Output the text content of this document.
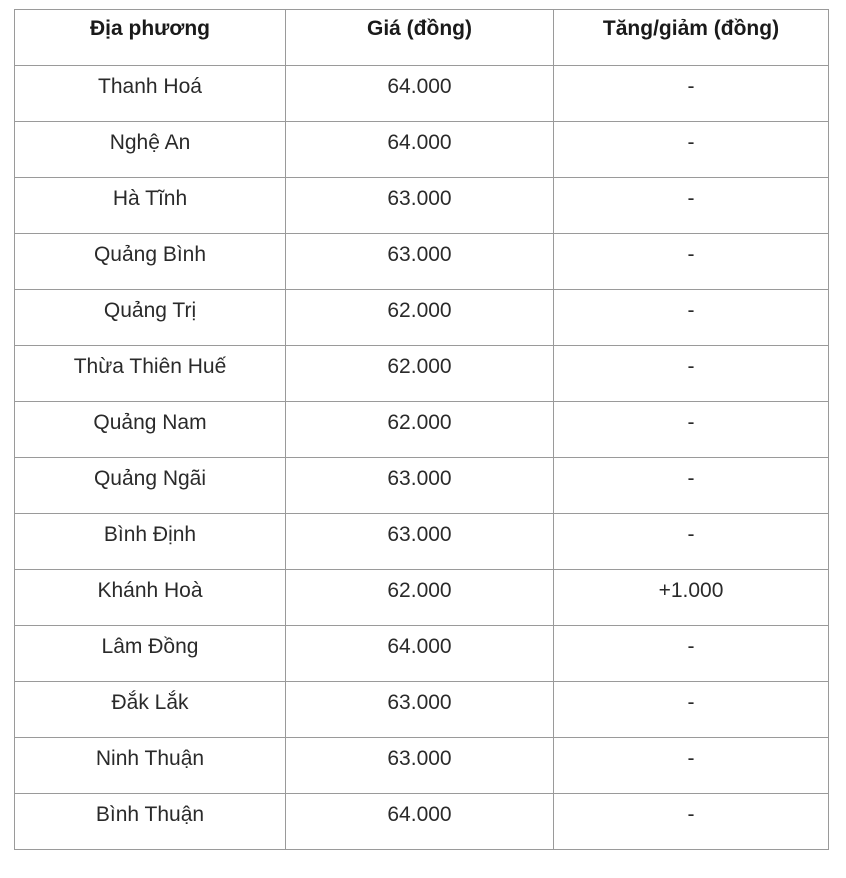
Địa phương	Giá (đồng)	Tăng/giảm (đồng)
Thanh Hoá	64.000	-
Nghệ An	64.000	-
Hà Tĩnh	63.000	-
Quảng Bình	63.000	-
Quảng Trị	62.000	-
Thừa Thiên Huế	62.000	-
Quảng Nam	62.000	-
Quảng Ngãi	63.000	-
Bình Định	63.000	-
Khánh Hoà	62.000	+1.000
Lâm Đồng	64.000	-
Đắk Lắk	63.000	-
Ninh Thuận	63.000	-
Bình Thuận	64.000	-
